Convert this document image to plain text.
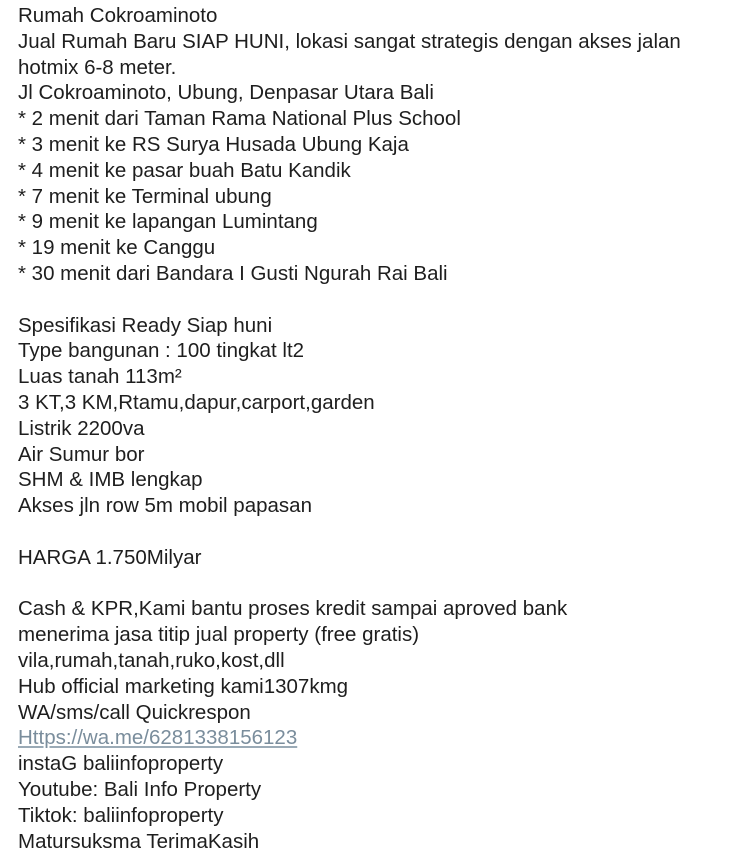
Rumah Cokroaminoto
Jual Rumah Baru SIAP HUNI, lokasi sangat strategis dengan akses jalan hotmix 6-8 meter.
Jl Cokroaminoto, Ubung, Denpasar Utara Bali
* 2 menit dari Taman Rama National Plus School
* 3 menit ke RS Surya Husada Ubung Kaja
* 4 menit ke pasar buah Batu Kandik
* 7 menit ke Terminal ubung
* 9 menit ke lapangan Lumintang
* 19 menit ke Canggu
* 30 menit dari Bandara I Gusti Ngurah Rai Bali
Spesifikasi Ready Siap huni
Type bangunan : 100 tingkat lt2
Luas tanah 113m²
3 KT,3 KM,Rtamu,dapur,carport,garden
Listrik 2200va
Air Sumur bor
SHM & IMB lengkap
Akses jln row 5m mobil papasan
HARGA 1.750Milyar
Cash & KPR,Kami bantu proses kredit sampai aproved bank
menerima jasa titip jual property (free gratis)
vila,rumah,tanah,ruko,kost,dll
Hub official marketing kami1307kmg
WA/sms/call Quickrespon
Https://wa.me/6281338156123
instaG baliinfoproperty
Youtube: Bali Info Property
Tiktok: baliinfoproperty
Matursuksma TerimaKasih
